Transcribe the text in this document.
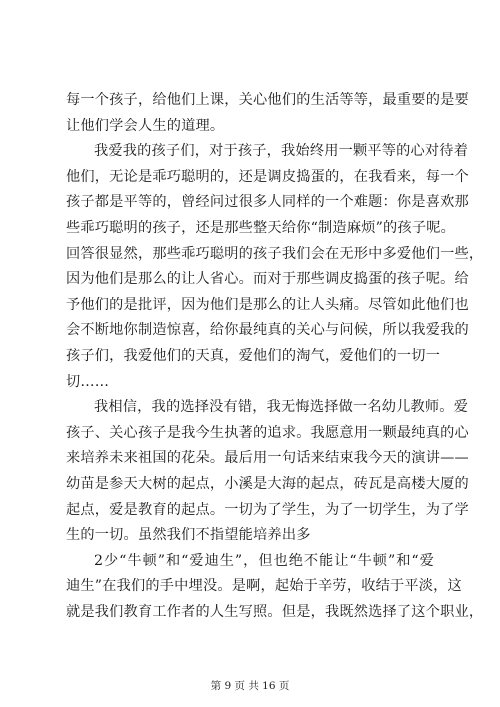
每一个孩子，给他们上课，关心他们的生活等等，最重要的是要
让他们学会人生的道理。
我爱我的孩子们，对于孩子，我始终用一颗平等的心对待着
他们，无论是乖巧聪明的，还是调皮捣蛋的，在我看来，每一个
孩子都是平等的，曾经问过很多人同样的一个难题：你是喜欢那
些乖巧聪明的孩子，还是那些整天给你“制造麻烦”的孩子呢。
回答很显然，那些乖巧聪明的孩子我们会在无形中多爱他们一些，
因为他们是那么的让人省心。而对于那些调皮捣蛋的孩子呢。给
予他们的是批评，因为他们是那么的让人头痛。尽管如此他们也
会不断地你制造惊喜，给你最纯真的关心与问候，所以我爱我的
孩子们，我爱他们的天真，爱他们的淘气，爱他们的一切一
切……
我相信，我的选择没有错，我无悔选择做一名幼儿教师。爱
孩子、关心孩子是我今生执著的追求。我愿意用一颗最纯真的心
来培养未来祖国的花朵。最后用一句话来结束我今天的演讲——
幼苗是参天大树的起点，小溪是大海的起点，砖瓦是高楼大厦的
起点，爱是教育的起点。一切为了学生，为了一切学生，为了学
生的一切。虽然我们不指望能培养出多
2少“牛顿”和“爱迪生”，但也绝不能让“牛顿”和“爱
迪生”在我们的手中埋没。是啊，起始于辛劳，收结于平淡，这
就是我们教育工作者的人生写照。但是，我既然选择了这个职业，
第 9 页 共 16 页
